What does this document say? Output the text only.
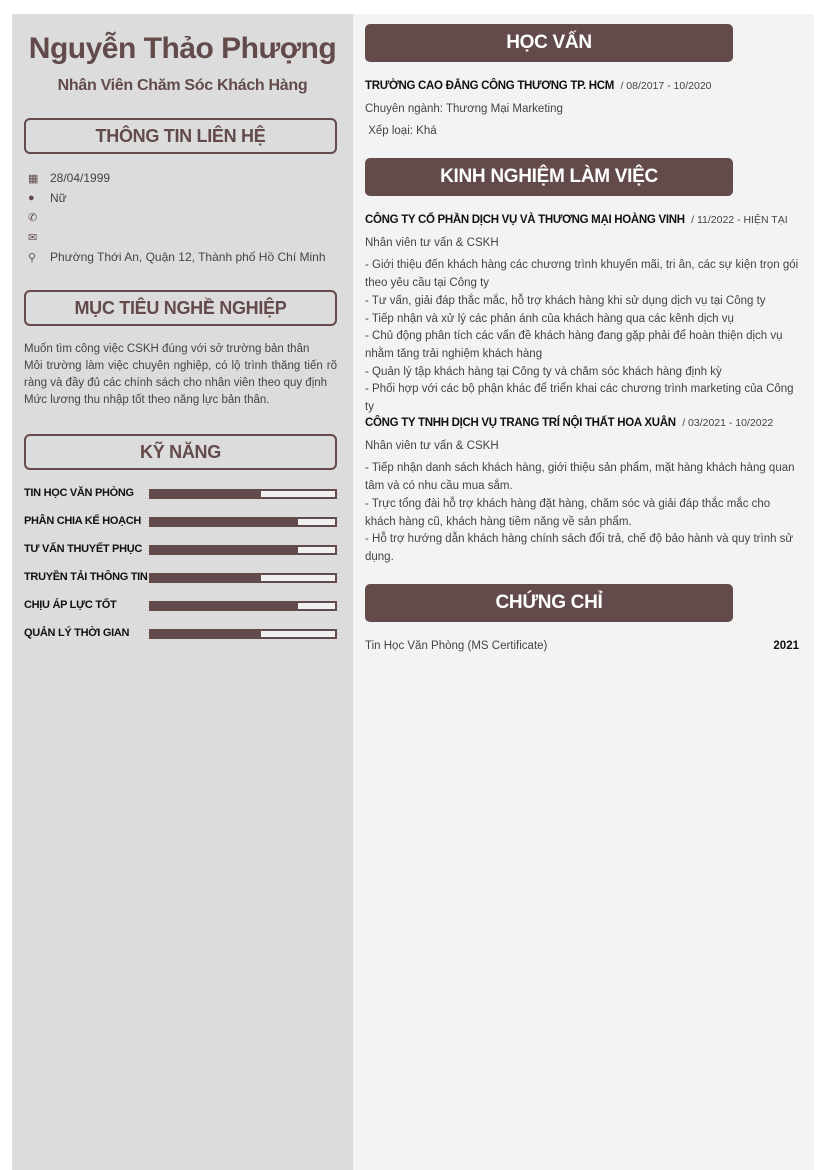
Nguyễn Thảo Phượng
Nhân Viên Chăm Sóc Khách Hàng
THÔNG TIN LIÊN HỆ
▦ 28/04/1999
●	Nữ
✆
✉
⚲	Phường Thới An, Quận 12, Thành phố Hồ Chí Minh
MỤC TIÊU NGHỀ NGHIỆP
Muốn tìm công việc CSKH đúng với sở trường bản thân
Môi trường làm việc chuyên nghiệp, có lộ trình thăng tiến rõ ràng và đầy đủ các chính sách cho nhân viên theo quy định
Mức lương thu nhập tốt theo năng lực bản thân.
KỸ NĂNG
TIN HỌC VĂN PHÒNG
PHÂN CHIA KẾ HOẠCH
TƯ VẤN THUYẾT PHỤC
TRUYỀN TẢI THÔNG TIN
CHỊU ÁP LỰC TỐT
QUẢN LÝ THỜI GIAN
HỌC VẤN
TRƯỜNG CAO ĐẲNG CÔNG THƯƠNG TP. HCM / 08/2017 - 10/2020
Chuyên ngành: Thương Mại Marketing
Xếp loại: Khá
KINH NGHIỆM LÀM VIỆC
CÔNG TY CỔ PHẦN DỊCH VỤ VÀ THƯƠNG MẠI HOÀNG VINH / 11/2022 - HIỆN TẠI
Nhân viên tư vấn & CSKH
- Giới thiệu đến khách hàng các chương trình khuyến mãi, tri ân, các sự kiện trọn gói theo yêu cầu tại Công ty
- Tư vấn, giải đáp thắc mắc, hỗ trợ khách hàng khi sử dụng dịch vụ tại Công ty
- Tiếp nhận và xử lý các phản ánh của khách hàng qua các kênh dịch vụ
- Chủ động phân tích các vấn đề khách hàng đang gặp phải để hoàn thiện dịch vụ nhằm tăng trải nghiệm khách hàng
- Quản lý tập khách hàng tại Công ty và chăm sóc khách hàng định kỳ
- Phối hợp với các bộ phận khác để triển khai các chương trình marketing của Công ty
CÔNG TY TNHH DỊCH VỤ TRANG TRÍ NỘI THẤT HOA XUÂN / 03/2021 - 10/2022
Nhân viên tư vấn & CSKH
- Tiếp nhận danh sách khách hàng, giới thiệu sản phẩm, mặt hàng khách hàng quan tâm và có nhu cầu mua sắm.
- Trực tổng đài hỗ trợ khách hàng đặt hàng, chăm sóc và giải đáp thắc mắc cho khách hàng cũ, khách hàng tiềm năng về sản phẩm.
- Hỗ trợ hướng dẫn khách hàng chính sách đổi trả, chế độ bảo hành và quy trình sử dụng.
CHỨNG CHỈ
Tin Học Văn Phòng (MS Certificate)	2021
